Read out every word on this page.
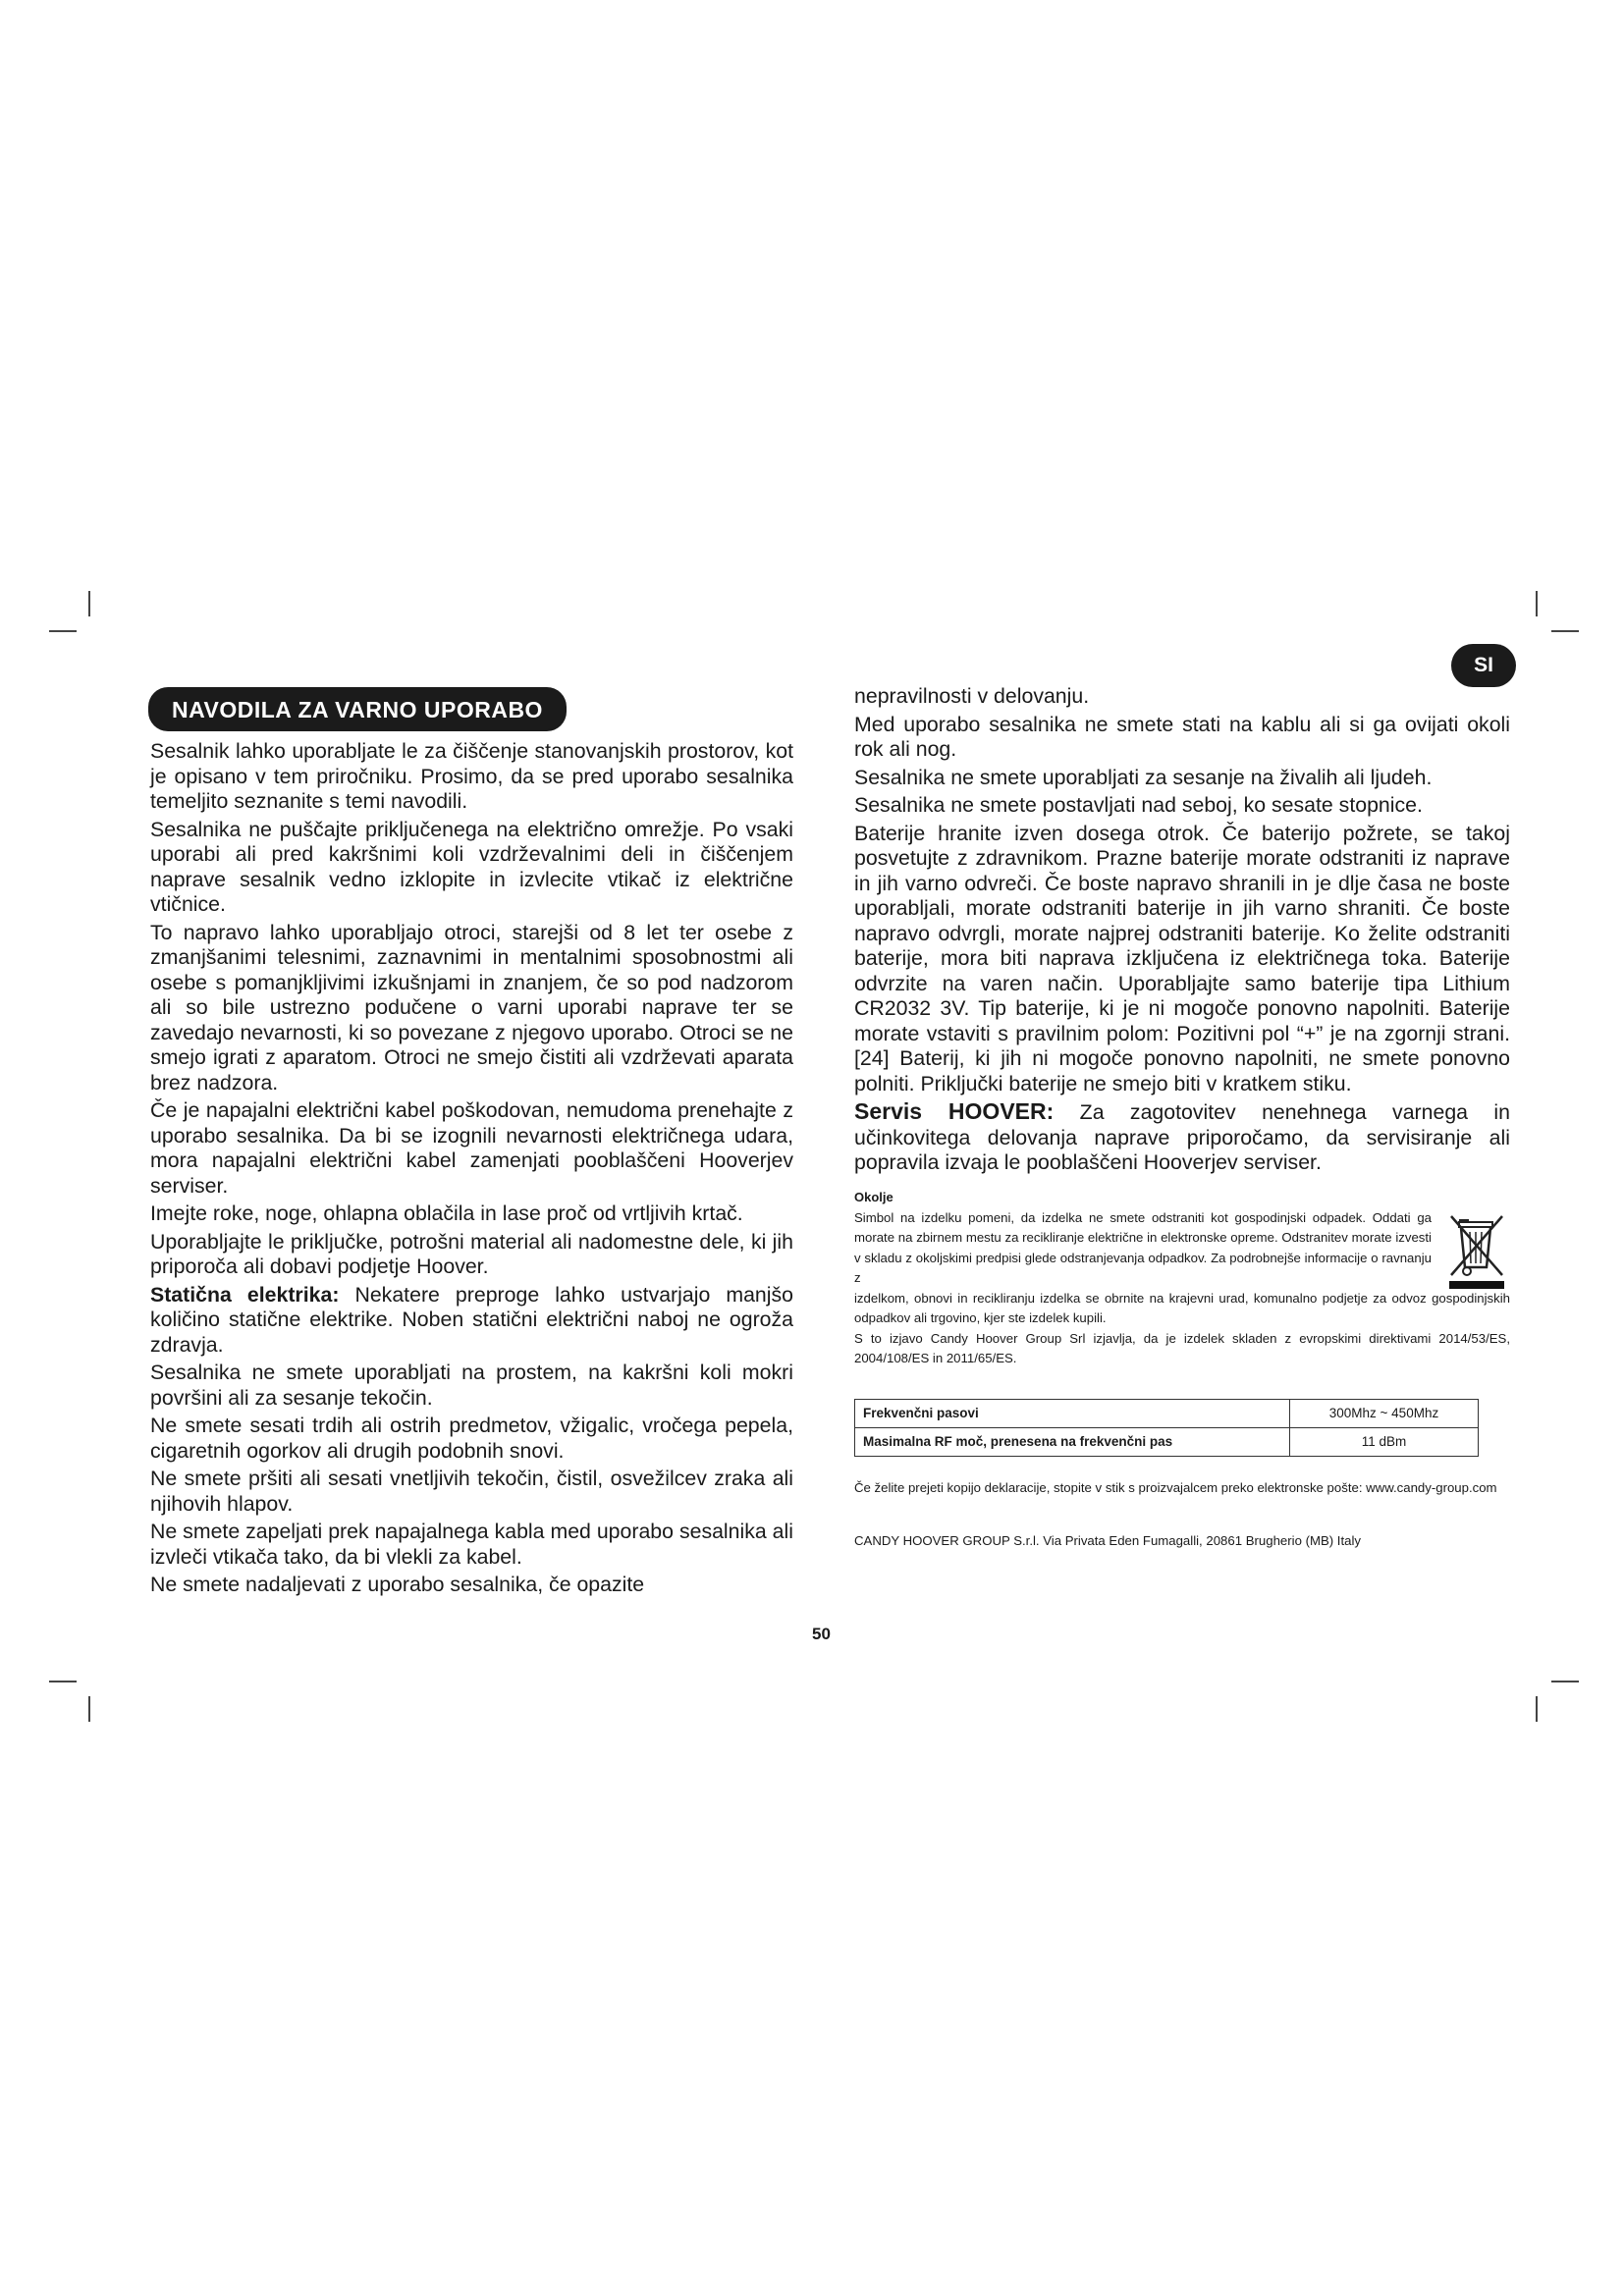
SI
NAVODILA ZA VARNO UPORABO

Sesalnik lahko uporabljate le za čiščenje stanovanjskih prostorov, kot je opisano v tem priročniku. Prosimo, da se pred uporabo sesalnika temeljito seznanite s temi navodili.

Sesalnika ne puščajte priključenega na električno omrežje. Po vsaki uporabi ali pred kakršnimi koli vzdrževalnimi deli in čiščenjem naprave sesalnik vedno izklopite in izvlecite vtikač iz električne vtičnice.

To napravo lahko uporabljajo otroci, starejši od 8 let ter osebe z zmanjšanimi telesnimi, zaznavnimi in mentalnimi sposobnostmi ali osebe s pomanjkljivimi izkušnjami in znanjem, če so pod nadzorom ali so bile ustrezno podučene o varni uporabi naprave ter se zavedajo nevarnosti, ki so povezane z njegovo uporabo. Otroci se ne smejo igrati z aparatom. Otroci ne smejo čistiti ali vzdrževati aparata brez nadzora.

Če je napajalni električni kabel poškodovan, nemudoma prenehajte z uporabo sesalnika. Da bi se izognili nevarnosti električnega udara, mora napajalni električni kabel zamenjati pooblaščeni Hooverjev serviser.

Imejte roke, noge, ohlapna oblačila in lase proč od vrtljivih krtač.

Uporabljajte le priključke, potrošni material ali nadomestne dele, ki jih priporoča ali dobavi podjetje Hoover.

Statična elektrika: Nekatere preproge lahko ustvarjajo manjšo količino statične elektrike. Noben statični električni naboj ne ogroža zdravja.

Sesalnika ne smete uporabljati na prostem, na kakršni koli mokri površini ali za sesanje tekočin.

Ne smete sesati trdih ali ostrih predmetov, vžigalic, vročega pepela, cigaretnih ogorkov ali drugih podobnih snovi.

Ne smete pršiti ali sesati vnetljivih tekočin, čistil, osvežilcev zraka ali njihovih hlapov.

Ne smete zapeljati prek napajalnega kabla med uporabo sesalnika ali izvleči vtikača tako, da bi vlekli za kabel.

Ne smete nadaljevati z uporabo sesalnika, če opazite

nepravilnosti v delovanju.

Med uporabo sesalnika ne smete stati na kablu ali si ga ovijati okoli rok ali nog.

Sesalnika ne smete uporabljati za sesanje na živalih ali ljudeh.

Sesalnika ne smete postavljati nad seboj, ko sesate stopnice.

Baterije hranite izven dosega otrok. Če baterijo požrete, se takoj posvetujte z zdravnikom. Prazne baterije morate odstraniti iz naprave in jih varno odvreči. Če boste napravo shranili in je dlje časa ne boste uporabljali, morate odstraniti baterije in jih varno shraniti. Če boste napravo odvrgli, morate najprej odstraniti baterije. Ko želite odstraniti baterije, mora biti naprava izključena iz električnega toka. Baterije odvrzite na varen način. Uporabljajte samo baterije tipa Lithium CR2032 3V. Tip baterije, ki je ni mogoče ponovno napolniti. Baterije morate vstaviti s pravilnim polom: Pozitivni pol “+” je na zgornji strani. [24] Baterij, ki jih ni mogoče ponovno napolniti, ne smete ponovno polniti. Priključki baterije ne smejo biti v kratkem stiku.

Servis HOOVER: Za zagotovitev nenehnega varnega in učinkovitega delovanja naprave priporočamo, da servisiranje ali popravila izvaja le pooblaščeni Hooverjev serviser.

Okolje

Simbol na izdelku pomeni, da izdelka ne smete odstraniti kot gospodinjski odpadek. Oddati ga morate na zbirnem mestu za recikliranje električne in elektronske opreme. Odstranitev morate izvesti v skladu z okoljskimi predpisi glede odstranjevanja odpadkov. Za podrobnejše informacije o ravnanju z

izdelkom, obnovi in recikliranju izdelka se obrnite na krajevni urad, komunalno podjetje za odvoz gospodinjskih odpadkov ali trgovino, kjer ste izdelek kupili.

S to izjavo Candy Hoover Group Srl izjavlja, da je izdelek skladen z evropskimi direktivami 2014/53/ES, 2004/108/ES in 2011/65/ES.

Frekvenčni pasovi	300Mhz ~ 450Mhz
Masimalna RF moč, prenesena na frekvenčni pas	11 dBm

Če želite prejeti kopijo deklaracije, stopite v stik s proizvajalcem preko elektronske pošte: www.candy-group.com

CANDY HOOVER GROUP S.r.l. Via Privata Eden Fumagalli, 20861 Brugherio (MB) Italy

50
